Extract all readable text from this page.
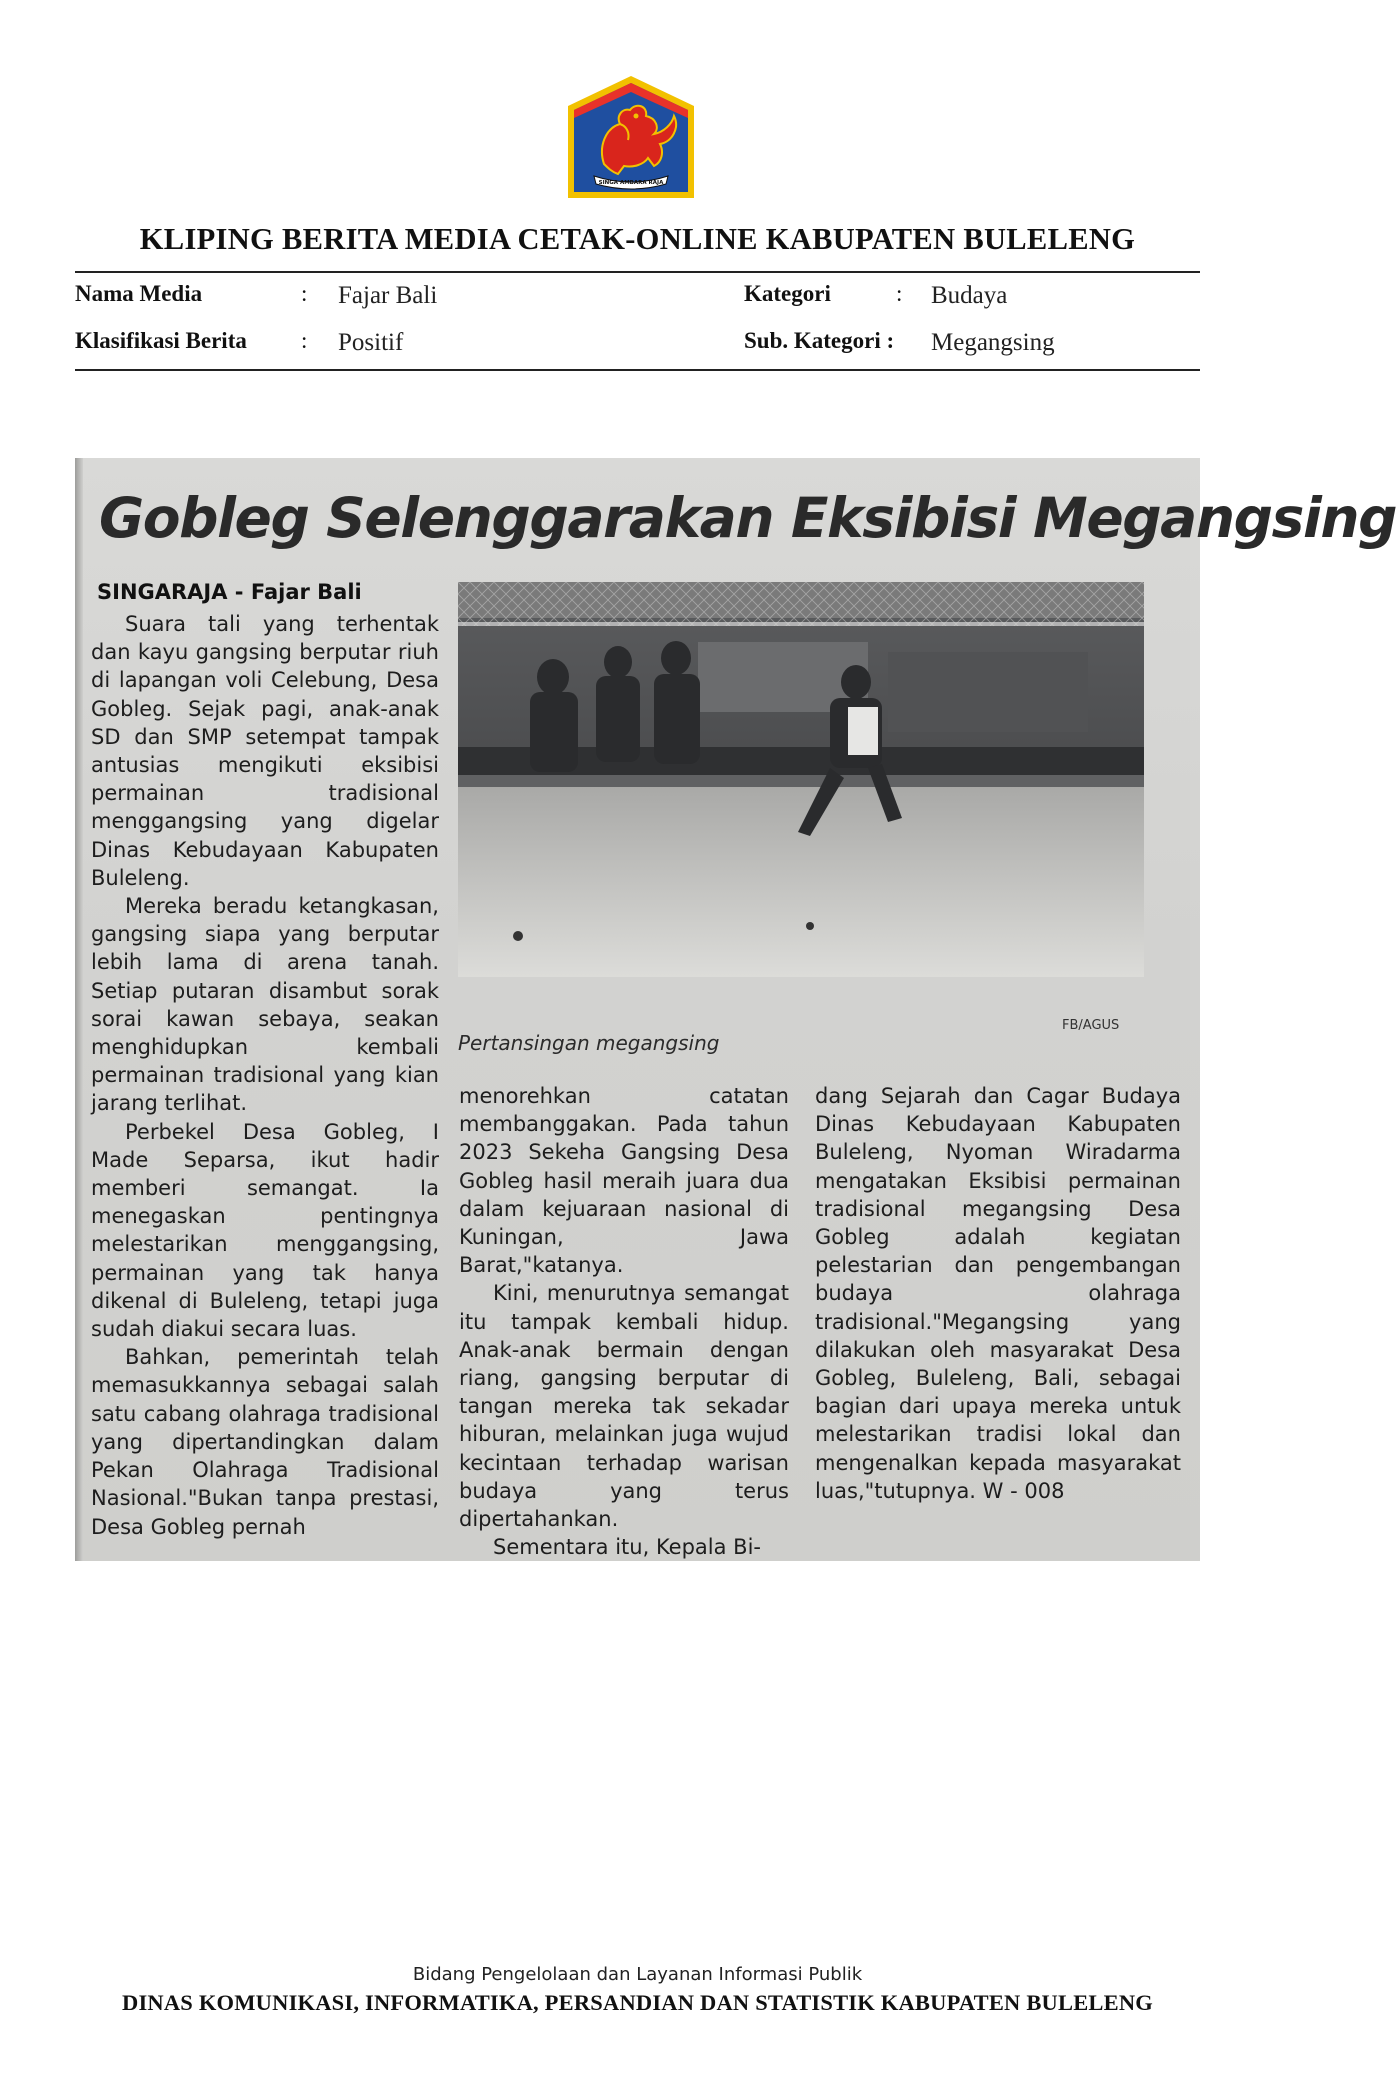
SINGA AMBARA RAJA
KLIPING BERITA MEDIA CETAK-ONLINE KABUPATEN BULELENG
Nama Media	: Fajar Bali
Klasifikasi Berita : Positif
Kategori	: Budaya
Sub. Kategori : Megangsing
Gobleg Selenggarakan Eksibisi Megangsing
SINGARAJA - Fajar Bali

Suara tali yang terhentak dan kayu gangsing berputar riuh di lapangan voli Celebung, Desa Gobleg. Sejak pagi, anak-anak SD dan SMP setempat tampak antusias mengikuti eksibisi permainan tradisional menggangsing yang digelar Dinas Kebudayaan Kabupaten Buleleng.

Mereka beradu ketangkasan, gangsing siapa yang berputar lebih lama di arena tanah. Setiap putaran disambut sorak sorai kawan sebaya, seakan menghidupkan kembali permainan tradisional yang kian jarang terlihat.

Perbekel Desa Gobleg, I Made Separsa, ikut hadir memberi semangat. Ia menegaskan pentingnya melestarikan menggangsing, permainan yang tak hanya dikenal di Buleleng, tetapi juga sudah diakui secara luas.

Bahkan, pemerintah telah memasukkannya sebagai salah satu cabang olahraga tradisional yang dipertandingkan dalam Pekan Olahraga Tradisional Nasional."Bukan tanpa prestasi, Desa Gobleg pernah

Pertansingan megangsing
FB/AGUS

menorehkan catatan membanggakan. Pada tahun 2023 Sekeha Gangsing Desa Gobleg hasil meraih juara dua dalam kejuaraan nasional di Kuningan, Jawa Barat,"katanya.

Kini, menurutnya semangat itu tampak kembali hidup. Anak-anak bermain dengan riang, gangsing berputar di tangan mereka tak sekadar hiburan, melainkan juga wujud kecintaan terhadap warisan budaya yang terus dipertahankan.

Sementara itu, Kepala Bi-

dang Sejarah dan Cagar Budaya Dinas Kebudayaan Kabupaten Buleleng, Nyoman Wiradarma mengatakan Eksibisi permainan tradisional megangsing Desa Gobleg adalah kegiatan pelestarian dan pengembangan budaya olahraga tradisional."Megangsing yang dilakukan oleh masyarakat Desa Gobleg, Buleleng, Bali, sebagai bagian dari upaya mereka untuk melestarikan tradisi lokal dan mengenalkan kepada masyarakat luas,"tutupnya. W - 008

Bidang Pengelolaan dan Layanan Informasi Publik
DINAS KOMUNIKASI, INFORMATIKA, PERSANDIAN DAN STATISTIK KABUPATEN BULELENG
